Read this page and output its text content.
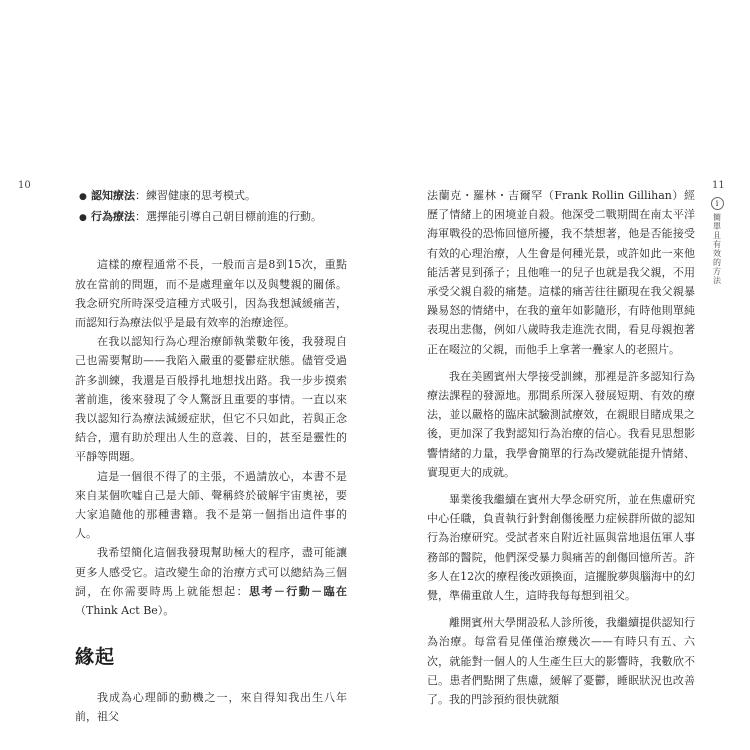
10
● 認知療法：練習健康的思考模式。
● 行為療法：選擇能引導自己朝目標前進的行動。

這樣的療程通常不長，一般而言是8到15次，重點放在當前的問題，而不是處理童年以及與雙親的關係。我念研究所時深受這種方式吸引，因為我想減緩痛苦，而認知行為療法似乎是最有效率的治療途徑。

在我以認知行為心理治療師執業數年後，我發現自己也需要幫助——我陷入嚴重的憂鬱症狀態。儘管受過許多訓練，我還是百般掙扎地想找出路。我一步步摸索著前進，後來發現了令人驚訝且重要的事情。一直以來我以認知行為療法減緩症狀，但它不只如此，若與正念結合，還有助於理出人生的意義、目的，甚至是靈性的平靜等問題。

這是一個很不得了的主張，不過請放心，本書不是來自某個吹噓自己是大師、聲稱終於破解宇宙奧祕，要大家追隨他的那種書籍。我不是第一個指出這件事的人。

我希望簡化這個我發現幫助極大的程序，盡可能讓更多人感受它。這改變生命的治療方式可以總結為三個詞，在你需要時馬上就能想起：思考－行動－臨在（Think Act Be）。

緣起

我成為心理師的動機之一，來自得知我出生八年前，祖父

11
i
簡單且有效的方法

法蘭克・羅林・吉爾罕（Frank Rollin Gillihan）經歷了情緒上的困境並自殺。他深受二戰期間在南太平洋海軍戰役的恐怖回憶所擾，我不禁想著，他是否能接受有效的心理治療，人生會是何種光景，或許如此一來他能活著見到孫子；且他唯一的兒子也就是我父親，不用承受父親自殺的痛楚。這樣的痛苦往往顯現在我父親暴躁易怒的情緒中，在我的童年如影隨形，有時他則單純表現出悲傷，例如八歲時我走進洗衣間，看見母親抱著正在啜泣的父親，而他手上拿著一疊家人的老照片。

我在美國賓州大學接受訓練，那裡是許多認知行為療法課程的發源地。那間系所深入發展短期、有效的療法，並以嚴格的臨床試驗測試療效，在親眼目睹成果之後，更加深了我對認知行為治療的信心。我看見思想影響情緒的力量，我學會簡單的行為改變就能提升情緒、實現更大的成就。

畢業後我繼續在賓州大學念研究所，並在焦慮研究中心任職，負責執行針對創傷後壓力症候群所做的認知行為治療研究。受試者來自附近社區與當地退伍軍人事務部的醫院，他們深受暴力與痛苦的創傷回憶所苦。許多人在12次的療程後改頭換面，這擺脫夢與腦海中的幻覺，準備重啟人生，這時我每每想到祖父。

離開賓州大學開設私人診所後，我繼續提供認知行為治療。每當看見僅僅治療幾次——有時只有五、六次，就能對一個人的人生產生巨大的影響時，我數欣不已。患者們點開了焦慮，緩解了憂鬱，睡眠狀況也改善了。我的門診預約很快就額
